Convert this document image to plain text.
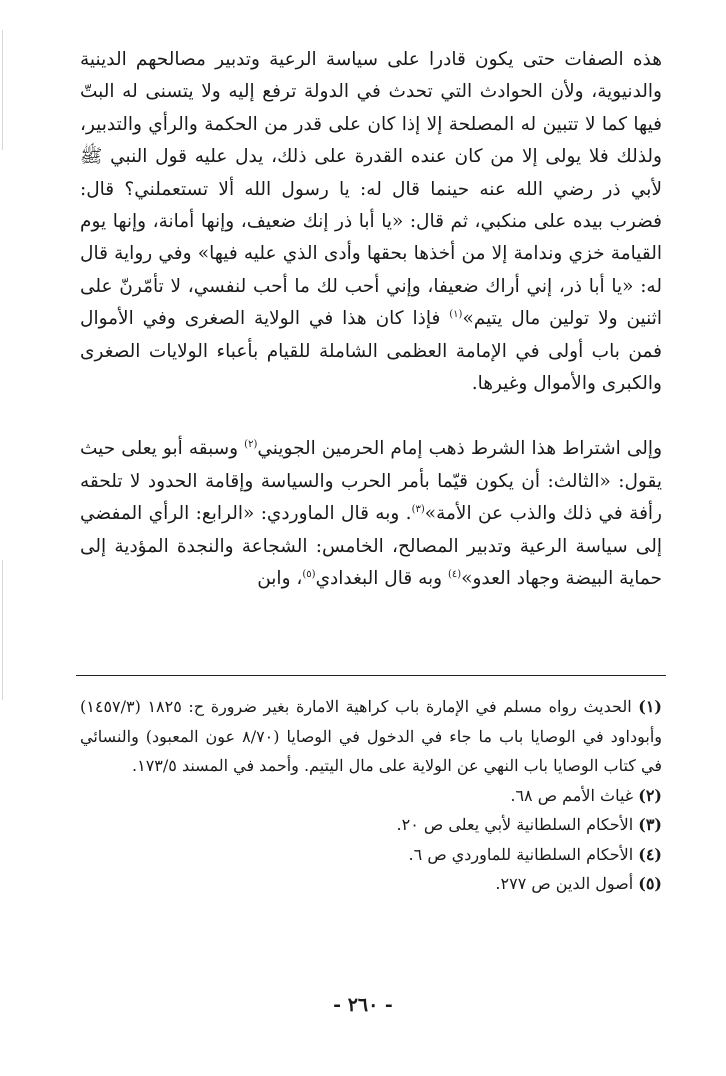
هذه الصفات حتى يكون قادرا على سياسة الرعية وتدبير مصالحهم الدينية والدنيوية، ولأن الحوادث التي تحدث في الدولة ترفع إليه ولا يتسنى له البتّ فيها كما لا تتبين له المصلحة إلا إذا كان على قدر من الحكمة والرأي والتدبير، ولذلك فلا يولى إلا من كان عنده القدرة على ذلك، يدل عليه قول النبي ﷺ لأبي ذر رضي الله عنه حينما قال له: يا رسول الله ألا تستعملني؟ قال: فضرب بيده على منكبي، ثم قال: «يا أبا ذر إنك ضعيف، وإنها أمانة، وإنها يوم القيامة خزي وندامة إلا من أخذها بحقها وأدى الذي عليه فيها» وفي رواية قال له: «يا أبا ذر، إني أراك ضعيفا، وإني أحب لك ما أحب لنفسي، لا تأمّرنّ على اثنين ولا تولين مال يتيم»$^{(١)}$ فإذا كان هذا في الولاية الصغرى وفي الأموال فمن باب أولى في الإمامة العظمى الشاملة للقيام بأعباء الولايات الصغرى والكبرى والأموال وغيرها.

وإلى اشتراط هذا الشرط ذهب إمام الحرمين الجويني$^{(٢)}$ وسبقه أبو يعلى حيث يقول: «الثالث: أن يكون قيّما بأمر الحرب والسياسة وإقامة الحدود لا تلحقه رأفة في ذلك والذب عن الأمة»$^{(٣)}$. وبه قال الماوردي: «الرابع: الرأي المفضي إلى سياسة الرعية وتدبير المصالح، الخامس: الشجاعة والنجدة المؤدية إلى حماية البيضة وجهاد العدو»$^{(٤)}$ وبه قال البغدادي$^{(٥)}$، وابن

(١) الحديث رواه مسلم في الإمارة باب كراهية الامارة بغير ضرورة ح: ١٨٢٥ (١٤٥٧/٣) وأبوداود في الوصايا باب ما جاء في الدخول في الوصايا (٨/٧٠ عون المعبود) والنسائي في كتاب الوصايا باب النهي عن الولاية على مال اليتيم. وأحمد في المسند ١٧٣/٥.

(٢) غياث الأمم ص ٦٨.

(٣) الأحكام السلطانية لأبي يعلى ص ٢٠.

(٤) الأحكام السلطانية للماوردي ص ٦.

(٥) أصول الدين ص ٢٧٧.

- ٢٦٠ -
